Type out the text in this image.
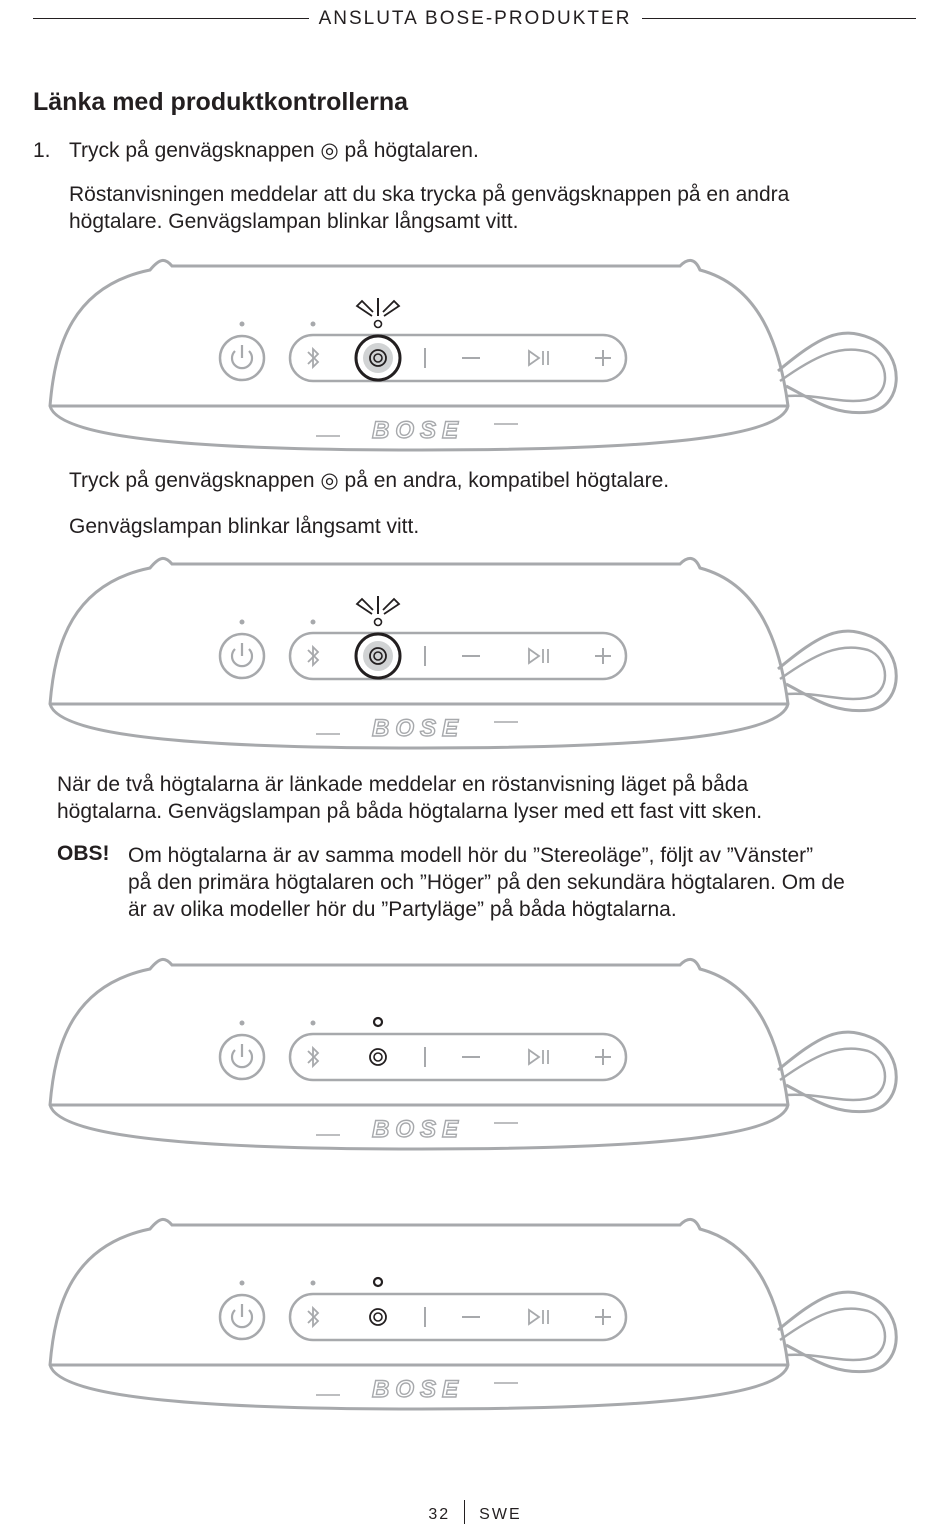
ANSLUTA BOSE-PRODUKTER
Länka med produktkontrollerna
1. Tryck på genvägsknappen ◎ på högtalaren.
Röstanvisningen meddelar att du ska trycka på genvägsknappen på en andra
högtalare. Genvägslampan blinkar långsamt vitt.
BOSE
Tryck på genvägsknappen ◎ på en andra, kompatibel högtalare.
Genvägslampan blinkar långsamt vitt.
BOSE
När de två högtalarna är länkade meddelar en röstanvisning läget på båda
högtalarna. Genvägslampan på båda högtalarna lyser med ett fast vitt sken.
OBS! Om högtalarna är av samma modell hör du ”Stereoläge”, följt av ”Vänster”
på den primära högtalaren och ”Höger” på den sekundära högtalaren. Om de
är av olika modeller hör du ”Partyläge” på båda högtalarna.
BOSE
BOSE
32 SWE
